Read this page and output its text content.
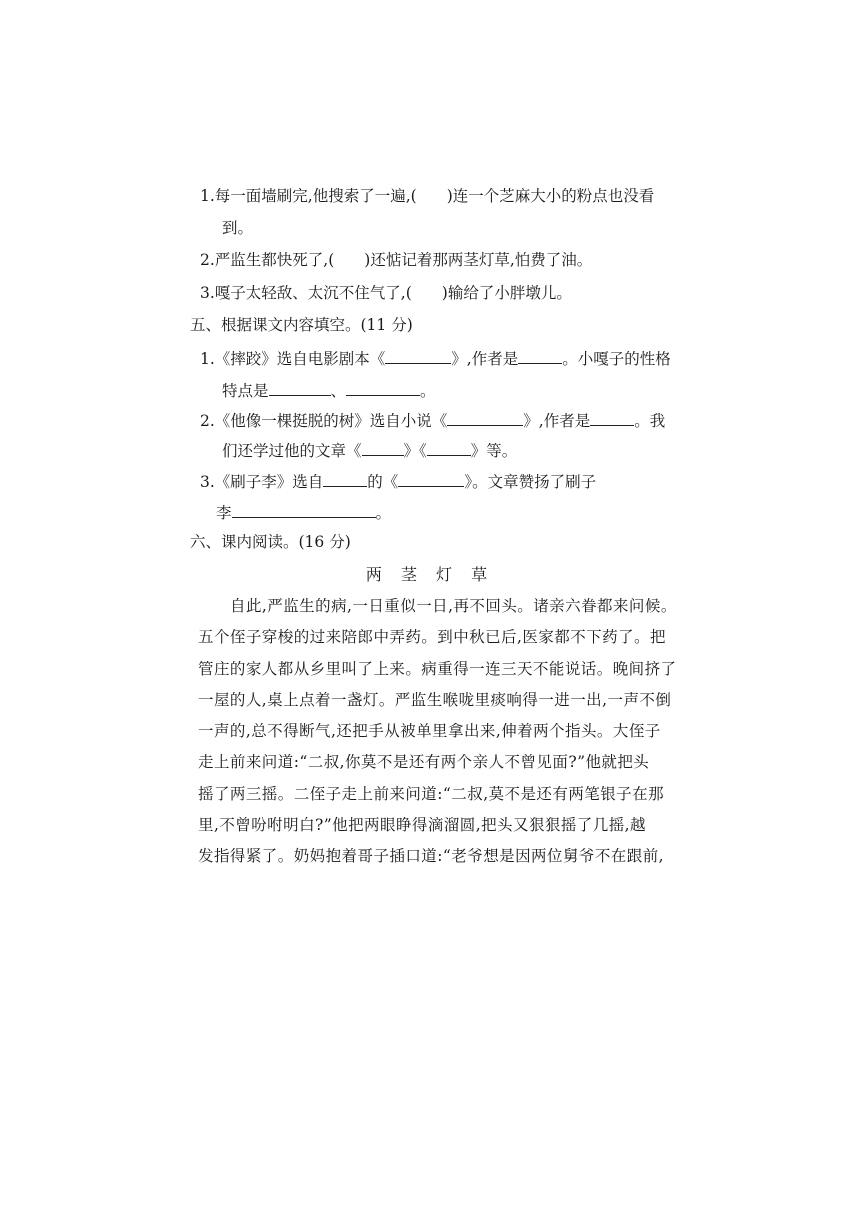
1.每一面墙刷完,他搜索了一遍,( )连一个芝麻大小的粉点也没看
到。
2.严监生都快死了,( )还惦记着那两茎灯草,怕费了油。
3.嘎子太轻敌、太沉不住气了,( )输给了小胖墩儿。
五、根据课文内容填空。(11 分)
1.《摔跤》选自电影剧本《	》,作者是	。小嘎子的性格
特点是	、	。
2.《他像一棵挺脱的树》选自小说《	》,作者是	。我
们还学过他的文章《	》《	》等。
3.《刷子李》选自	的《	》。文章赞扬了刷子
李	。
六、课内阅读。(16 分)
两 茎 灯 草
自此,严监生的病,一日重似一日,再不回头。诸亲六眷都来问候。
五个侄子穿梭的过来陪郎中弄药。到中秋已后,医家都不下药了。把
管庄的家人都从乡里叫了上来。病重得一连三天不能说话。晚间挤了
一屋的人,桌上点着一盏灯。严监生喉咙里痰响得一进一出,一声不倒
一声的,总不得断气,还把手从被单里拿出来,伸着两个指头。大侄子
走上前来问道:“二叔,你莫不是还有两个亲人不曾见面?”他就把头
摇了两三摇。二侄子走上前来问道:“二叔,莫不是还有两笔银子在那
里,不曾吩咐明白?”他把两眼睁得滴溜圆,把头又狠狠摇了几摇,越
发指得紧了。奶妈抱着哥子插口道:“老爷想是因两位舅爷不在跟前,
